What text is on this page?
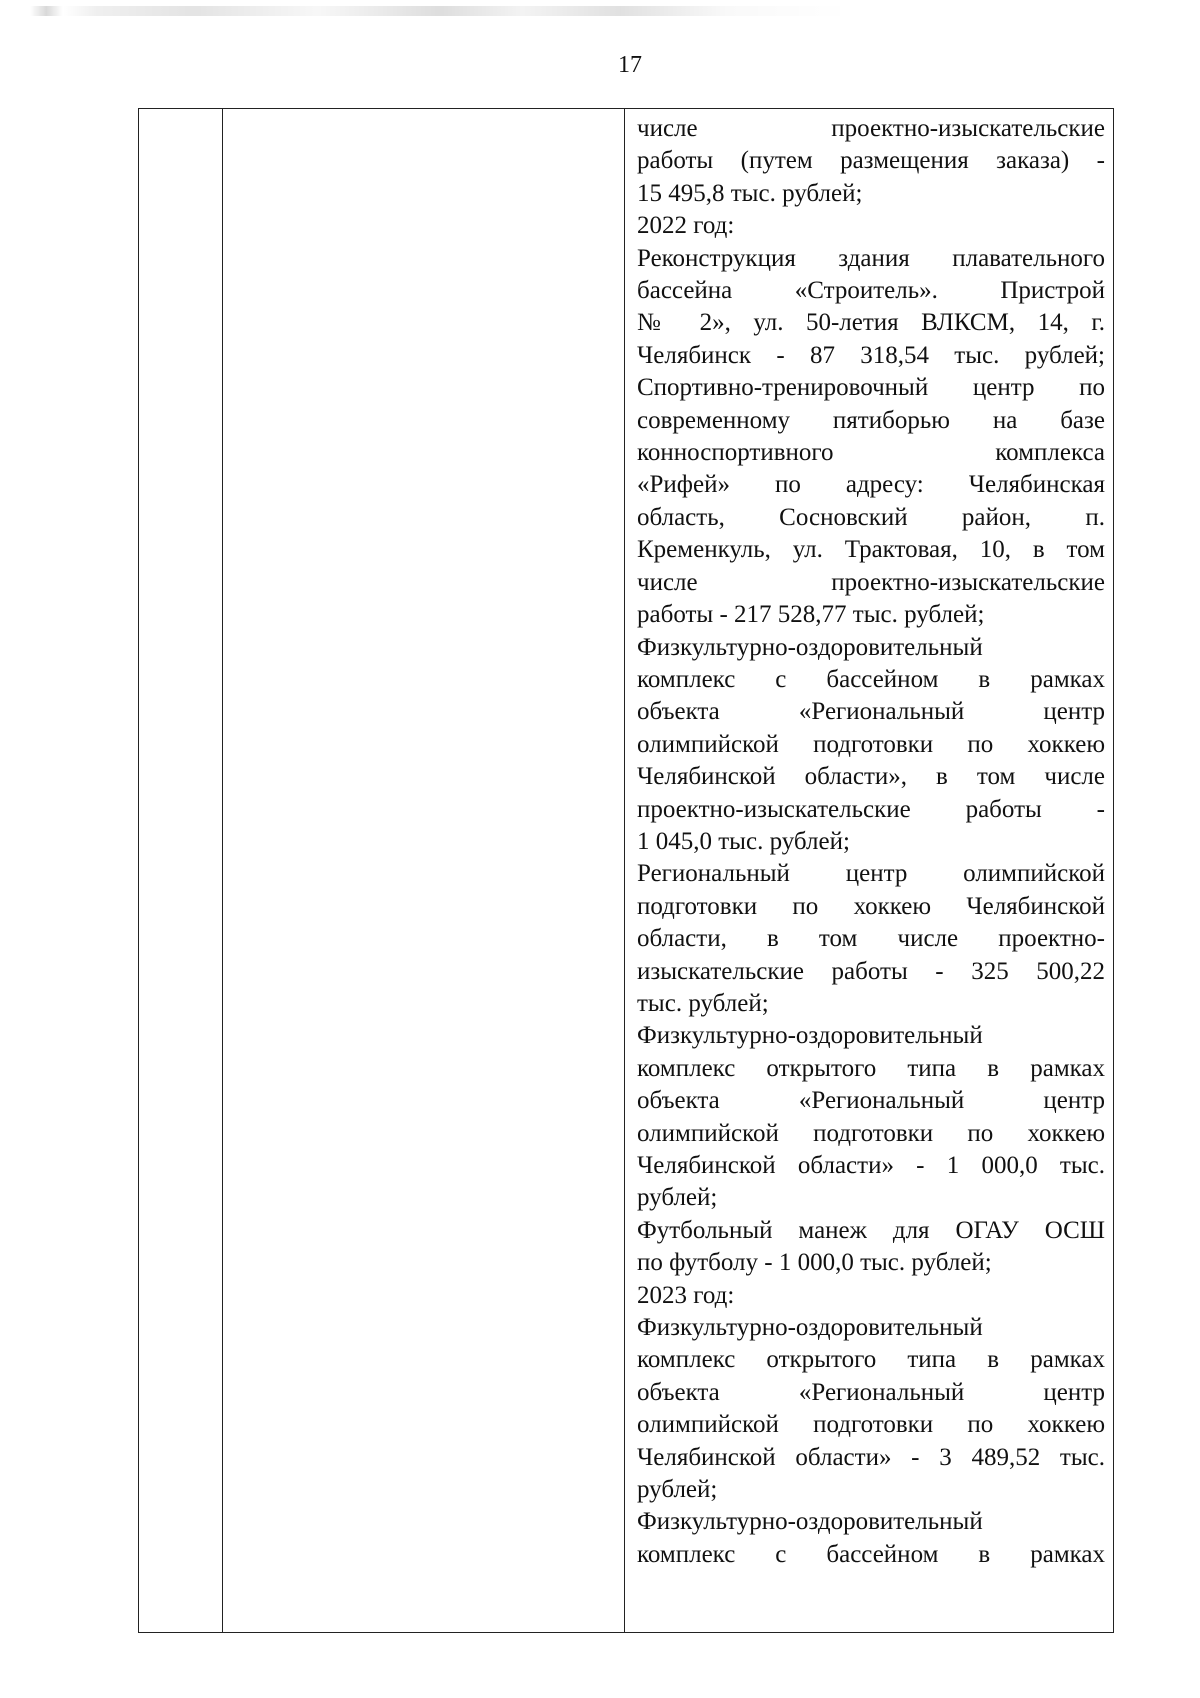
17
числе проектно-изыскательские
работы (путем размещения заказа) -
15 495,8 тыс. рублей;
2022 год:
Реконструкция здания плавательного
бассейна «Строитель». Пристрой
№ 2», ул. 50-летия ВЛКСМ, 14, г.
Челябинск - 87 318,54 тыс. рублей;
Спортивно-тренировочный центр по
современному пятиборью на базе
конноспортивного комплекса
«Рифей» по адресу: Челябинская
область, Сосновский район, п.
Кременкуль, ул. Трактовая, 10, в том
числе проектно-изыскательские
работы - 217 528,77 тыс. рублей;
Физкультурно-оздоровительный
комплекс с бассейном в рамках
объекта «Региональный центр
олимпийской подготовки по хоккею
Челябинской области», в том числе
проектно-изыскательские работы -
1 045,0 тыс. рублей;
Региональный центр олимпийской
подготовки по хоккею Челябинской
области, в том числе проектно-
изыскательские работы - 325 500,22
тыс. рублей;
Физкультурно-оздоровительный
комплекс открытого типа в рамках
объекта «Региональный центр
олимпийской подготовки по хоккею
Челябинской области» - 1 000,0 тыс.
рублей;
Футбольный манеж для ОГАУ ОСШ
по футболу - 1 000,0 тыс. рублей;
2023 год:
Физкультурно-оздоровительный
комплекс открытого типа в рамках
объекта «Региональный центр
олимпийской подготовки по хоккею
Челябинской области» - 3 489,52 тыс.
рублей;
Физкультурно-оздоровительный
комплекс с бассейном в рамках
